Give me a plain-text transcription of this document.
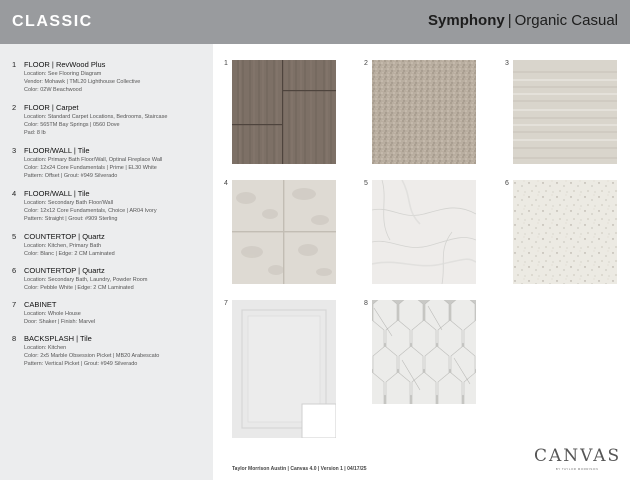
CLASSIC	Symphony | Organic Casual
1 FLOOR | RevWood Plus
Location: See Flooring Diagram
Vendor: Mohawk | TML20 Lighthouse Collective
Color: 02W Beachwood
2 FLOOR | Carpet
Location: Standard Carpet Locations, Bedrooms, Staircase
Color: 565TM Bay Springs | 0560 Dove
Pad: 8 lb
3 FLOOR/WALL | Tile
Location: Primary Bath Floor/Wall, Optinal Fireplace Wall
Color: 12x24 Core Fundamentals | Prime | EL30 White
Pattern: Offset | Grout: #949 Silverado
4 FLOOR/WALL | Tile
Location: Secondary Bath Floor/Wall
Color: 12x12 Core Fundamentals, Choice | AR04 Ivory
Pattern: Straight | Grout: #909 Sterling
5 COUNTERTOP | Quartz
Location: Kitchen, Primary Bath
Color: Blanc | Edge: 2 CM Laminated
6 COUNTERTOP | Quartz
Location: Secondary Bath, Laundry, Powder Room
Color: Pebble White | Edge: 2 CM Laminated
7 CABINET
Location: Whole House
Door: Shaker | Finish: Marvel
8 BACKSPLASH | Tile
Location: Kitchen
Color: 2x5 Marble Obsession Picket | MB20 Arabescato
Pattern: Vertical Picket | Grout: #949 Silverado
1	2	3
4	5	6
7	8
Taylor Morrison Austin | Canvas 4.0 | Version 1 | 04/17/25
CANVAS
BY TAYLOR MORRISON
